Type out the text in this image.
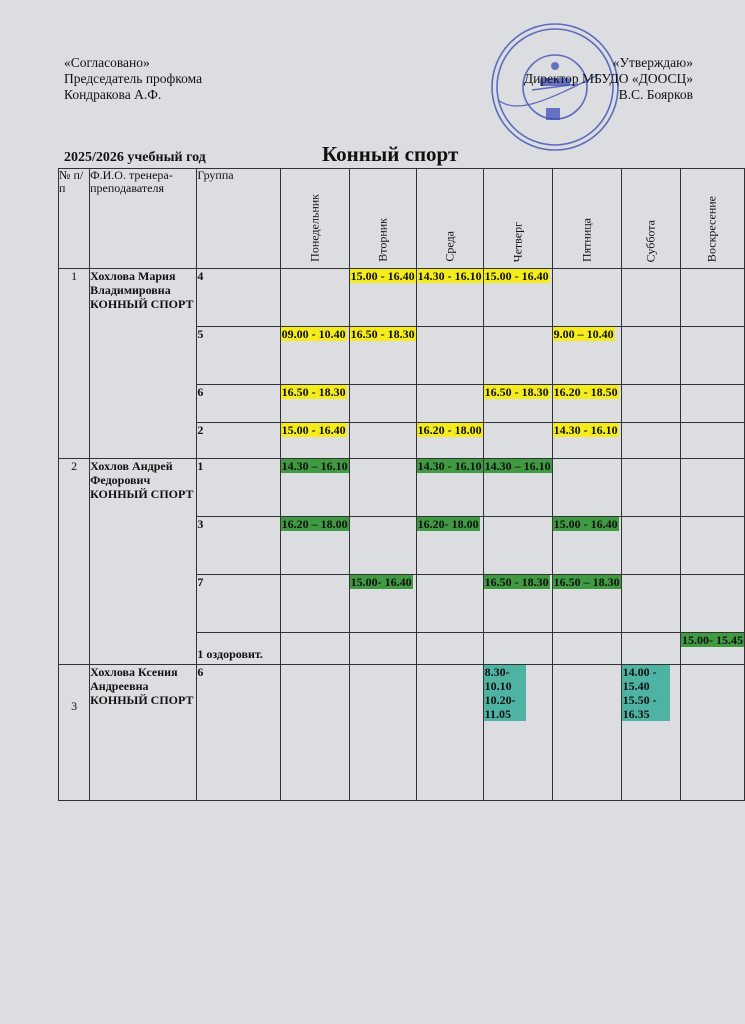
«Согласовано»
Председатель профкома
Кондракова А.Ф.
«Утверждаю»
Директор МБУДО «ДООСЦ»
В.С. Боярков
2025/2026 учебный год	Конный спорт
№ п/п	Ф.И.О. тренера-преподавателя	Группа	Понедельник	Вторник	Среда	Четверг	Пятница	Суббота	Воскресение

1	Хохлова Мария Владимировна КОННЫЙ СПОРТ	4		15.00 - 16.40	14.30 - 16.10	15.00 - 16.40			
		5	09.00 - 10.40	16.50 - 18.30			9.00 – 10.40		
		6	16.50 - 18.30			16.50 - 18.30	16.20 - 18.50		
		2	15.00 - 16.40		16.20 - 18.00		14.30 - 16.10		
2	Хохлов Андрей Федорович КОННЫЙ СПОРТ	1	14.30 – 16.10		14.30 - 16.10	14.30 – 16.10			
		3	16.20 – 18.00		16.20- 18.00		15.00 - 16.40		
		7		15.00- 16.40		16.50 - 18.30	16.50 – 18.30		
		1 оздоровит.							15.00- 15.45
3	Хохлова Ксения Андреевна КОННЫЙ СПОРТ	6				8.30- 10.10 10.20- 11.05		14.00 - 15.40 15.50 - 16.35	
